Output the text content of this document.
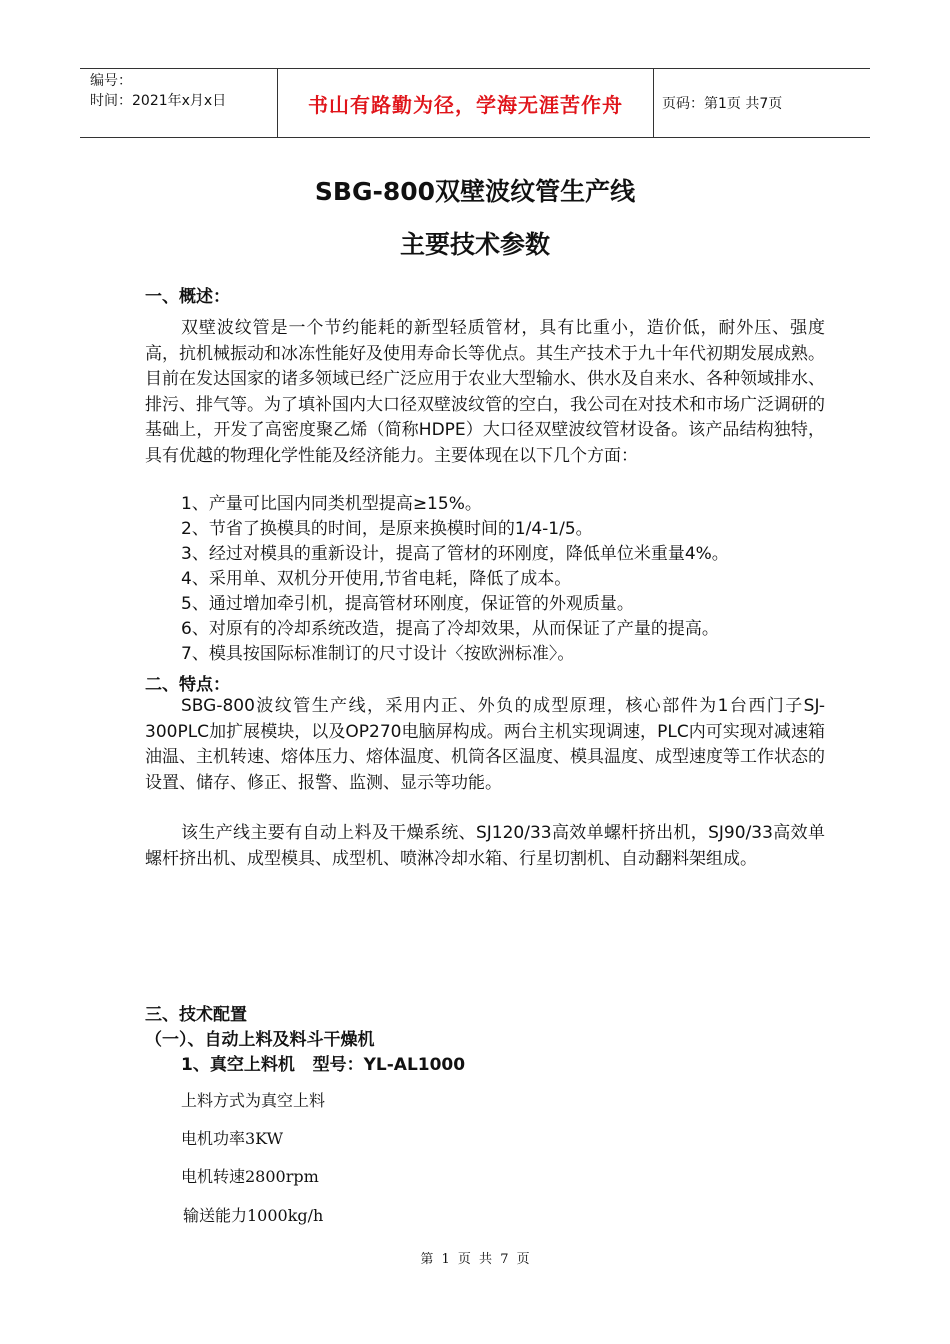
编号：
时间：2021年x月x日	书山有路勤为径，学海无涯苦作舟	页码：第1页 共7页
SBG-800双壁波纹管生产线
主要技术参数
一、概述：
双壁波纹管是一个节约能耗的新型轻质管材，具有比重小，造价低，耐外压、强度高，抗机械振动和冰冻性能好及使用寿命长等优点。其生产技术于九十年代初期发展成熟。目前在发达国家的诸多领域已经广泛应用于农业大型输水、供水及自来水、各种领域排水、排污、排气等。为了填补国内大口径双壁波纹管的空白，我公司在对技术和市场广泛调研的基础上，开发了高密度聚乙烯（简称HDPE）大口径双壁波纹管材设备。该产品结构独特，具有优越的物理化学性能及经济能力。主要体现在以下几个方面：
1、产量可比国内同类机型提高≥15%。
2、节省了换模具的时间，是原来换模时间的1/4-1/5。
3、经过对模具的重新设计，提高了管材的环刚度，降低单位米重量4%。
4、采用单、双机分开使用,节省电耗，降低了成本。
5、通过增加牵引机，提高管材环刚度，保证管的外观质量。
6、对原有的冷却系统改造，提高了冷却效果，从而保证了产量的提高。
7、模具按国际标准制订的尺寸设计〈按欧洲标准〉。
二、特点：
SBG-800波纹管生产线，采用内正、外负的成型原理，核心部件为1台西门子SJ-300PLC加扩展模块，以及OP270电脑屏构成。两台主机实现调速，PLC内可实现对减速箱油温、主机转速、熔体压力、熔体温度、机筒各区温度、模具温度、成型速度等工作状态的设置、储存、修正、报警、监测、显示等功能。
该生产线主要有自动上料及干燥系统、SJ120/33高效单螺杆挤出机，SJ90/33高效单螺杆挤出机、成型模具、成型机、喷淋冷却水箱、行星切割机、自动翻料架组成。
三、技术配置
（一）、自动上料及料斗干燥机
1、真空上料机   型号：YL-AL1000
上料方式为真空上料
电机功率3KW
电机转速2800rpm
输送能力1000kg/h
第 1 页 共 7 页
